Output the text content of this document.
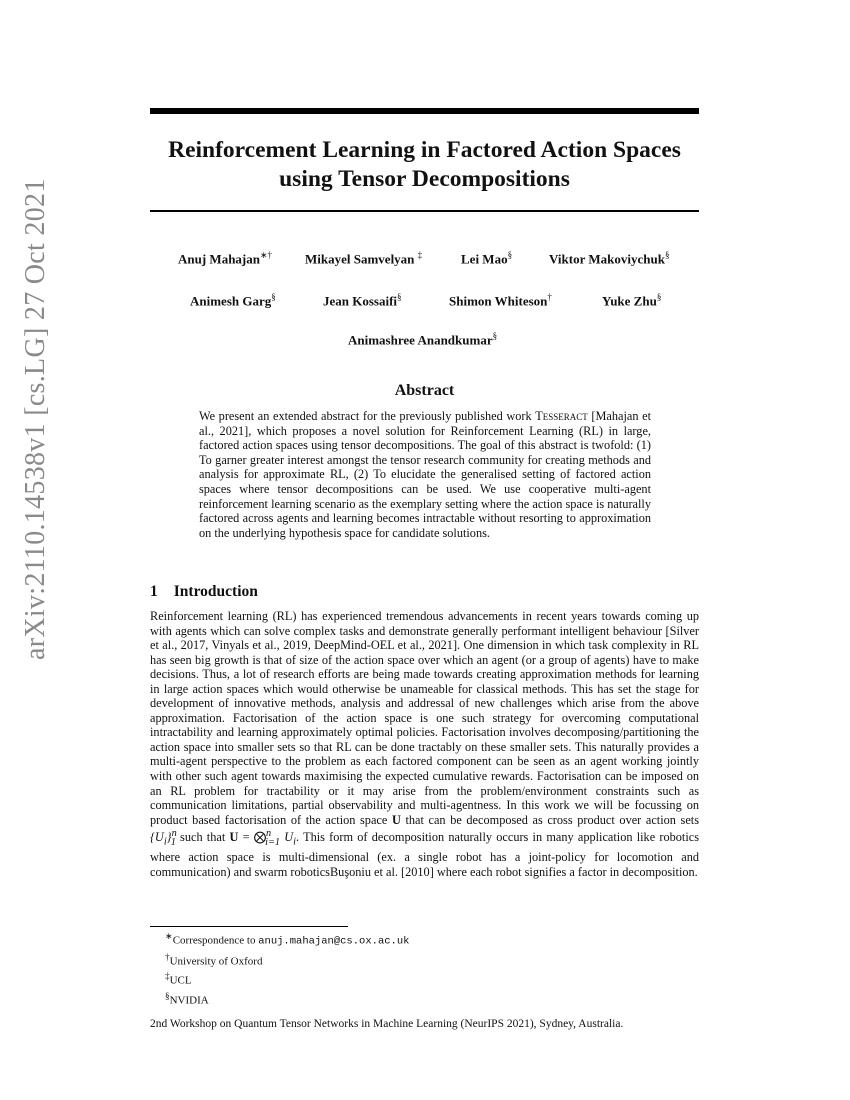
arXiv:2110.14538v1 [cs.LG] 27 Oct 2021
Reinforcement Learning in Factored Action Spaces using Tensor Decompositions
Anuj Mahajan∗†	Mikayel Samvelyan ‡	Lei Mao§	Viktor Makoviychuk§
Animesh Garg§	Jean Kossaifi§	Shimon Whiteson†	Yuke Zhu§
Animashree Anandkumar§
Abstract
We present an extended abstract for the previously published work Tesseract [Mahajan et al., 2021], which proposes a novel solution for Reinforcement Learning (RL) in large, factored action spaces using tensor decompositions. The goal of this abstract is twofold: (1) To garner greater interest amongst the tensor research community for creating methods and analysis for approximate RL, (2) To elucidate the generalised setting of factored action spaces where tensor decompositions can be used. We use cooperative multi-agent reinforcement learning scenario as the exemplary setting where the action space is naturally factored across agents and learning becomes intractable without resorting to approximation on the underlying hypothesis space for candidate solutions.
1 Introduction
Reinforcement learning (RL) has experienced tremendous advancements in recent years towards coming up with agents which can solve complex tasks and demonstrate generally performant intelligent behaviour [Silver et al., 2017, Vinyals et al., 2019, DeepMind-OEL et al., 2021]. One dimension in which task complexity in RL has seen big growth is that of size of the action space over which an agent (or a group of agents) have to make decisions. Thus, a lot of research efforts are being made towards creating approximation methods for learning in large action spaces which would otherwise be unameable for classical methods. This has set the stage for development of innovative methods, analysis and addressal of new challenges which arise from the above approximation. Factorisation of the action space is one such strategy for overcoming computational intractability and learning approximately optimal policies. Factorisation involves decomposing/partitioning the action space into smaller sets so that RL can be done tractably on these smaller sets. This naturally provides a multi-agent perspective to the problem as each factored component can be seen as an agent working jointly with other such agent towards maximising the expected cumulative rewards. Factorisation can be imposed on an RL problem for tractability or it may arise from the problem/environment constraints such as communication limitations, partial observability and multi-agentness. In this work we will be focussing on product based factorisation of the action space U that can be decomposed as cross product over action sets $\{U_i\}^n_1$ such that U = ⨂$^n_{i=1}$ $U_i$. This form of decomposition naturally occurs in many application like robotics where action space is multi-dimensional (ex. a single robot has a joint-policy for locomotion and communication) and swarm roboticsBuşoniu et al. [2010] where each robot signifies a factor in decomposition.
∗Correspondence to anuj.mahajan@cs.ox.ac.uk
†University of Oxford
‡UCL
§NVIDIA
2nd Workshop on Quantum Tensor Networks in Machine Learning (NeurIPS 2021), Sydney, Australia.
